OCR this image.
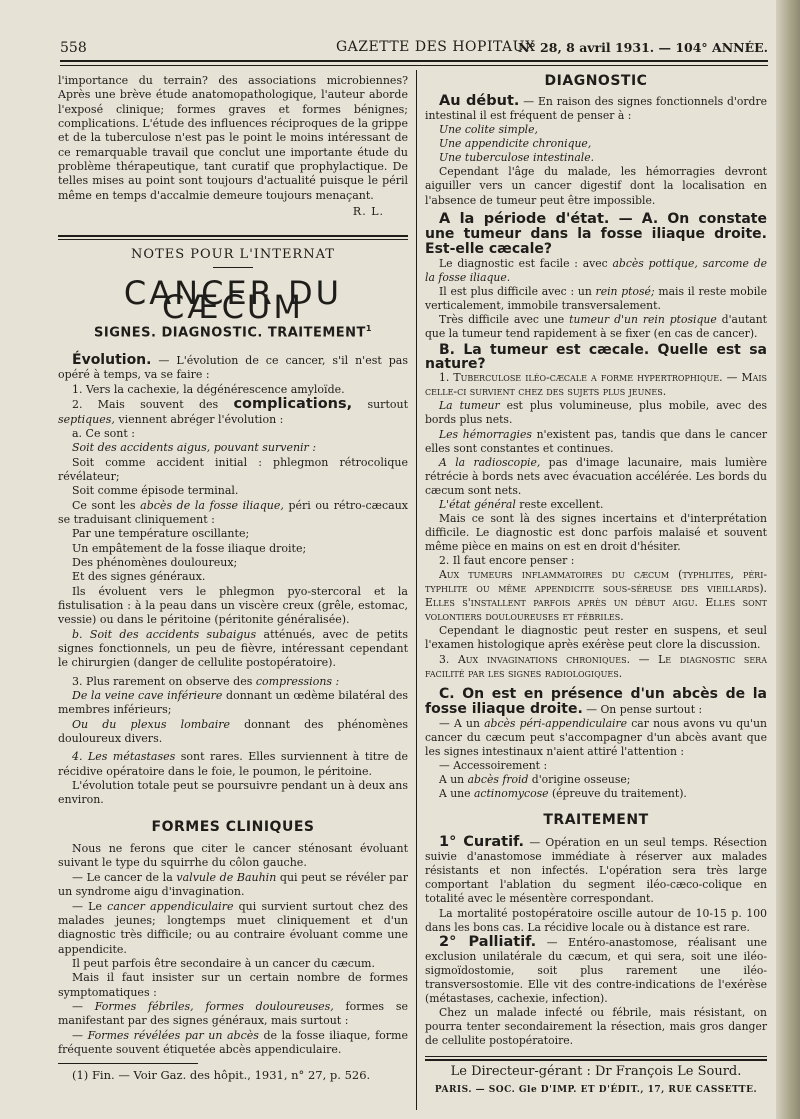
558	GAZETTE DES HOPITAUX
N° 28, 8 avril 1931. — 104° ANNÉE.

l'importance du terrain? des associations microbiennes? Après une brève étude anatomopathologique, l'auteur aborde l'exposé clinique; formes graves et formes bénignes; complications. L'étude des influences réciproques de la grippe et de la tuberculose n'est pas le point le moins intéressant de ce remarquable travail que conclut une importante étude du problème thérapeutique, tant curatif que prophylactique. De telles mises au point sont toujours d'actualité puisque le péril même en temps d'accalmie demeure toujours menaçant.

R. L.

NOTES POUR L'INTERNAT
CANCER DU CÆCUM
SIGNES. DIAGNOSTIC. TRAITEMENT$^1$

Évolution. — L'évolution de ce cancer, s'il n'est pas opéré à temps, va se faire :

1. Vers la cachexie, la dégénérescence amyloïde.

2. Mais souvent des complications, surtout septiques, viennent abréger l'évolution :

a. Ce sont :

Soit des accidents aigus, pouvant survenir :

Soit comme accident initial : phlegmon rétrocolique révélateur;

Soit comme épisode terminal.

Ce sont les abcès de la fosse iliaque, péri ou rétro-cæcaux se traduisant cliniquement :

Par une température oscillante;

Un empâtement de la fosse iliaque droite;

Des phénomènes douloureux;

Et des signes généraux.

Ils évoluent vers le phlegmon pyo-stercoral et la fistulisation : à la peau dans un viscère creux (grêle, estomac, vessie) ou dans le péritoine (péritonite généralisée).

b. Soit des accidents subaigus atténués, avec de petits signes fonctionnels, un peu de fièvre, intéressant cependant le chirurgien (danger de cellulite postopératoire).

3. Plus rarement on observe des compressions :

De la veine cave inférieure donnant un œdème bilatéral des membres inférieurs;

Ou du plexus lombaire donnant des phénomènes douloureux divers.

4. Les métastases sont rares. Elles surviennent à titre de récidive opératoire dans le foie, le poumon, le péritoine.

L'évolution totale peut se poursuivre pendant un à deux ans environ.

FORMES CLINIQUES

Nous ne ferons que citer le cancer sténosant évoluant suivant le type du squirrhe du côlon gauche.

— Le cancer de la valvule de Bauhin qui peut se révéler par un syndrome aigu d'invagination.

— Le cancer appendiculaire qui survient surtout chez des malades jeunes; longtemps muet cliniquement et d'un diagnostic très difficile; ou au contraire évoluant comme une appendicite.

Il peut parfois être secondaire à un cancer du cæcum.

Mais il faut insister sur un certain nombre de formes symptomatiques :

— Formes fébriles, formes douloureuses, formes se manifestant par des signes généraux, mais surtout :

— Formes révélées par un abcès de la fosse iliaque, forme fréquente souvent étiquetée abcès appendiculaire.

(1) Fin. — Voir Gaz. des hôpit., 1931, n° 27, p. 526.

DIAGNOSTIC

Au début. — En raison des signes fonctionnels d'ordre intestinal il est fréquent de penser à :

Une colite simple,

Une appendicite chronique,

Une tuberculose intestinale.

Cependant l'âge du malade, les hémorragies devront aiguiller vers un cancer digestif dont la localisation en l'absence de tumeur peut être impossible.

A la période d'état. — A. On constate une tumeur dans la fosse iliaque droite. Est-elle cæcale?

Le diagnostic est facile : avec abcès pottique, sarcome de la fosse iliaque.

Il est plus difficile avec : un rein ptosé; mais il reste mobile verticalement, immobile transversalement.

Très difficile avec une tumeur d'un rein ptosique d'autant que la tumeur tend rapidement à se fixer (en cas de cancer).

B. La tumeur est cæcale. Quelle est sa nature?

1. Tuberculose iléo-cæcale a forme hypertrophique. — Mais celle-ci survient chez des sujets plus jeunes.

La tumeur est plus volumineuse, plus mobile, avec des bords plus nets.

Les hémorragies n'existent pas, tandis que dans le cancer elles sont constantes et continues.

A la radioscopie, pas d'image lacunaire, mais lumière rétrécie à bords nets avec évacuation accélérée. Les bords du cæcum sont nets.

L'état général reste excellent.

Mais ce sont là des signes incertains et d'interprétation difficile. Le diagnostic est donc parfois malaisé et souvent même pièce en mains on est en droit d'hésiter.

2. Il faut encore penser :

Aux tumeurs inflammatoires du cæcum (typhlites, péri-typhlite ou même appendicite sous-séreuse des vieillards). Elles s'installent parfois après un début aigu. Elles sont volontiers douloureuses et fébriles.

Cependant le diagnostic peut rester en suspens, et seul l'examen histologique après exérèse peut clore la discussion.

3. Aux invaginations chroniques. — Le diagnostic sera facilité par les signes radiologiques.

C. On est en présence d'un abcès de la fosse iliaque droite. — On pense surtout :

— A un abcès péri-appendiculaire car nous avons vu qu'un cancer du cæcum peut s'accompagner d'un abcès avant que les signes intestinaux n'aient attiré l'attention :

— Accessoirement :

A un abcès froid d'origine osseuse;

A une actinomycose (épreuve du traitement).

TRAITEMENT

1° Curatif. — Opération en un seul temps. Résection suivie d'anastomose immédiate à réserver aux malades résistants et non infectés. L'opération sera très large comportant l'ablation du segment iléo-cæco-colique en totalité avec le mésentère correspondant.

La mortalité postopératoire oscille autour de 10-15 p. 100 dans les bons cas. La récidive locale ou à distance est rare.

2° Palliatif. — Entéro-anastomose, réalisant une exclusion unilatérale du cæcum, et qui sera, soit une iléo-sigmoïdostomie, soit plus rarement une iléo-transversostomie. Elle vit des contre-indications de l'exérèse (métastases, cachexie, infection).

Chez un malade infecté ou fébrile, mais résistant, on pourra tenter secondairement la résection, mais gros danger de cellulite postopératoire.

Le Directeur-gérant : Dr François Le Sourd.
PARIS. — SOC. Gle D'IMP. ET D'ÉDIT., 17, RUE CASSETTE.
